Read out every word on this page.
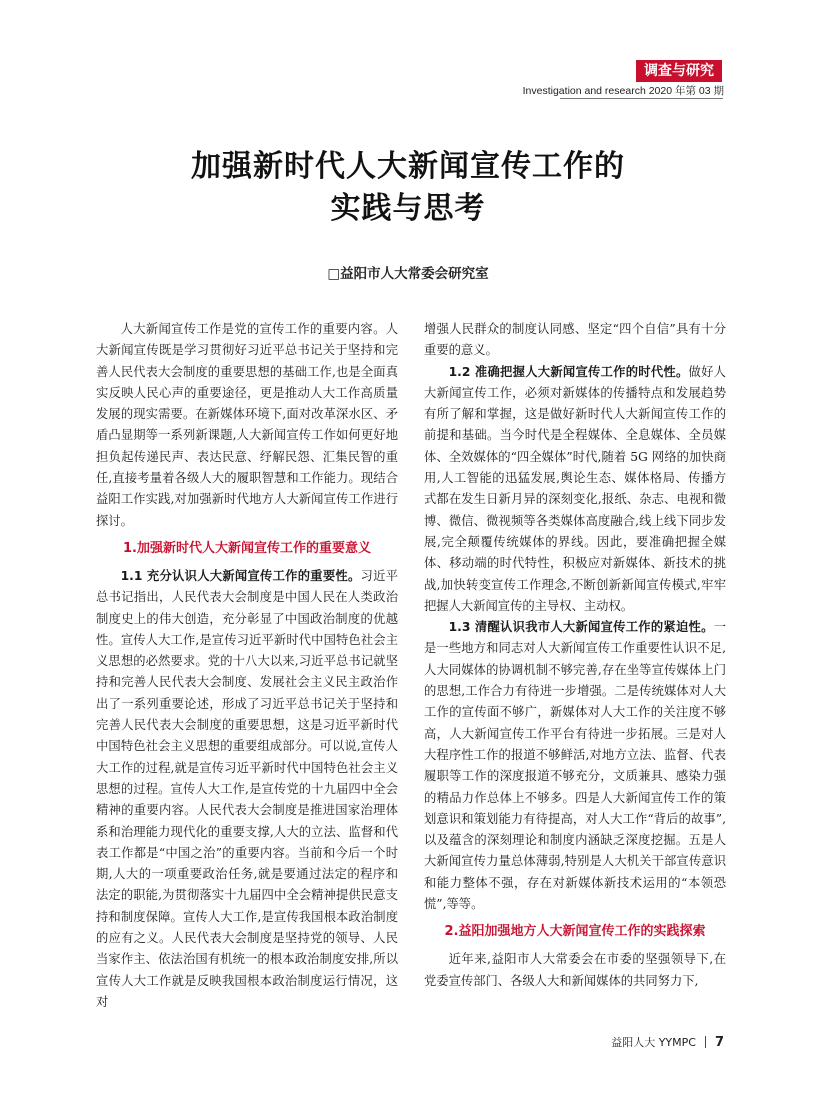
调查与研究
Investigation and research 2020 年第 03 期
加强新时代人大新闻宣传工作的
实践与思考
□益阳市人大常委会研究室

人大新闻宣传工作是党的宣传工作的重要内容。人大新闻宣传既是学习贯彻好习近平总书记关于坚持和完善人民代表大会制度的重要思想的基础工作,也是全面真实反映人民心声的重要途径，更是推动人大工作高质量发展的现实需要。在新媒体环境下,面对改革深水区、矛盾凸显期等一系列新课题,人大新闻宣传工作如何更好地担负起传递民声、表达民意、纾解民怨、汇集民智的重任,直接考量着各级人大的履职智慧和工作能力。现结合益阳工作实践,对加强新时代地方人大新闻宣传工作进行探讨。

1.加强新时代人大新闻宣传工作的重要意义

1.1 充分认识人大新闻宣传工作的重要性。习近平总书记指出，人民代表大会制度是中国人民在人类政治制度史上的伟大创造，充分彰显了中国政治制度的优越性。宣传人大工作,是宣传习近平新时代中国特色社会主义思想的必然要求。党的十八大以来,习近平总书记就坚持和完善人民代表大会制度、发展社会主义民主政治作出了一系列重要论述，形成了习近平总书记关于坚持和完善人民代表大会制度的重要思想，这是习近平新时代中国特色社会主义思想的重要组成部分。可以说,宣传人大工作的过程,就是宣传习近平新时代中国特色社会主义思想的过程。宣传人大工作,是宣传党的十九届四中全会精神的重要内容。人民代表大会制度是推进国家治理体系和治理能力现代化的重要支撑,人大的立法、监督和代表工作都是“中国之治”的重要内容。当前和今后一个时期,人大的一项重要政治任务,就是要通过法定的程序和法定的职能,为贯彻落实十九届四中全会精神提供民意支持和制度保障。宣传人大工作,是宣传我国根本政治制度的应有之义。人民代表大会制度是坚持党的领导、人民当家作主、依法治国有机统一的根本政治制度安排,所以宣传人大工作就是反映我国根本政治制度运行情况，这对

增强人民群众的制度认同感、坚定“四个自信”具有十分重要的意义。

1.2 准确把握人大新闻宣传工作的时代性。做好人大新闻宣传工作，必须对新媒体的传播特点和发展趋势有所了解和掌握，这是做好新时代人大新闻宣传工作的前提和基础。当今时代是全程媒体、全息媒体、全员媒体、全效媒体的“四全媒体”时代,随着 5G 网络的加快商用,人工智能的迅猛发展,舆论生态、媒体格局、传播方式都在发生日新月异的深刻变化,报纸、杂志、电视和微博、微信、微视频等各类媒体高度融合,线上线下同步发展,完全颠覆传统媒体的界线。因此，要准确把握全媒体、移动端的时代特性，积极应对新媒体、新技术的挑战,加快转变宣传工作理念,不断创新新闻宣传模式,牢牢把握人大新闻宣传的主导权、主动权。

1.3 清醒认识我市人大新闻宣传工作的紧迫性。一是一些地方和同志对人大新闻宣传工作重要性认识不足,人大同媒体的协调机制不够完善,存在坐等宣传媒体上门的思想,工作合力有待进一步增强。二是传统媒体对人大工作的宣传面不够广，新媒体对人大工作的关注度不够高，人大新闻宣传工作平台有待进一步拓展。三是对人大程序性工作的报道不够鲜活,对地方立法、监督、代表履职等工作的深度报道不够充分，文质兼具、感染力强的精品力作总体上不够多。四是人大新闻宣传工作的策划意识和策划能力有待提高，对人大工作“背后的故事”,以及蕴含的深刻理论和制度内涵缺乏深度挖掘。五是人大新闻宣传力量总体薄弱,特别是人大机关干部宣传意识和能力整体不强，存在对新媒体新技术运用的“本领恐慌”,等等。

2.益阳加强地方人大新闻宣传工作的实践探索

近年来,益阳市人大常委会在市委的坚强领导下,在党委宣传部门、各级人大和新闻媒体的共同努力下,

益阳人大 YYMPC 7
